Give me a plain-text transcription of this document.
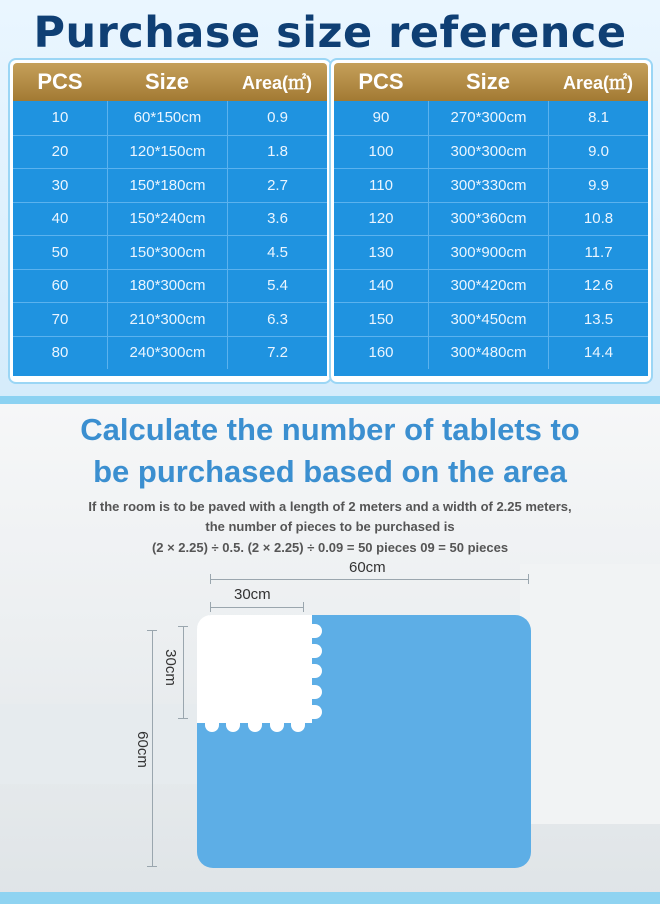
Purchase size reference
PCS	Size	Area(㎡)
10	60*150cm	0.9
20	120*150cm	1.8
30	150*180cm	2.7
40	150*240cm	3.6
50	150*300cm	4.5
60	180*300cm	5.4
70	210*300cm	6.3
80	240*300cm	7.2
PCS	Size	Area(㎡)
90	270*300cm	8.1
100	300*300cm	9.0
110	300*330cm	9.9
120	300*360cm	10.8
130	300*900cm	11.7
140	300*420cm	12.6
150	300*450cm	13.5
160	300*480cm	14.4
Calculate the number of tablets to
be purchased based on the area

If the room is to be paved with a length of 2 meters and a width of 2.25 meters,

the number of pieces to be purchased is

(2 × 2.25) ÷ 0.5. (2 × 2.25) ÷ 0.09 = 50 pieces 09 = 50 pieces

60cm
30cm
30cm
60cm
